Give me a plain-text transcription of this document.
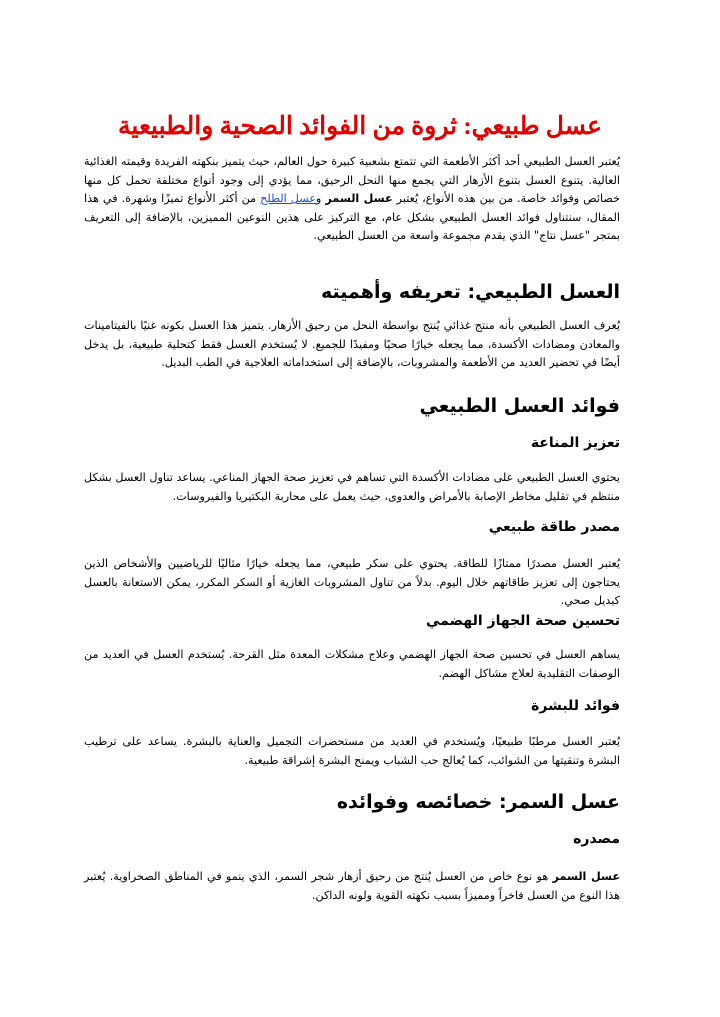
عسل طبيعي: ثروة من الفوائد الصحية والطبيعية

يُعتبر العسل الطبيعي أحد أكثر الأطعمة التي تتمتع بشعبية كبيرة حول العالم، حيث يتميز بنكهته الفريدة وقيمته الغذائية العالية. يتنوع العسل بتنوع الأزهار التي يجمع منها النحل الرحيق، مما يؤدي إلى وجود أنواع مختلفة تحمل كل منها خصائص وفوائد خاصة. من بين هذه الأنواع، يُعتبر عسل السمر وعسل الطلح من أكثر الأنواع تميزًا وشهرة. في هذا المقال، سنتناول فوائد العسل الطبيعي بشكل عام، مع التركيز على هذين النوعين المميزين، بالإضافة إلى التعريف بمتجر "عسل نتاج" الذي يقدم مجموعة واسعة من العسل الطبيعي.

العسل الطبيعي: تعريفه وأهميته

يُعرف العسل الطبيعي بأنه منتج غذائي يُنتج بواسطة النحل من رحيق الأزهار. يتميز هذا العسل بكونه غنيًا بالفيتامينات والمعادن ومضادات الأكسدة، مما يجعله خيارًا صحيًا ومفيدًا للجميع. لا يُستخدم العسل فقط كتحلية طبيعية، بل يدخل أيضًا في تحضير العديد من الأطعمة والمشروبات، بالإضافة إلى استخداماته العلاجية في الطب البديل.

فوائد العسل الطبيعي
تعزيز المناعة

يحتوي العسل الطبيعي على مضادات الأكسدة التي تساهم في تعزيز صحة الجهاز المناعي. يساعد تناول العسل بشكل منتظم في تقليل مخاطر الإصابة بالأمراض والعدوى، حيث يعمل على محاربة البكتيريا والفيروسات.

مصدر طاقة طبيعي

يُعتبر العسل مصدرًا ممتازًا للطاقة. يحتوي على سكر طبيعي، مما يجعله خيارًا مثاليًا للرياضيين والأشخاص الذين يحتاجون إلى تعزيز طاقاتهم خلال اليوم. بدلاً من تناول المشروبات الغازية أو السكر المكرر، يمكن الاستعانة بالعسل كبديل صحي.

تحسين صحة الجهاز الهضمي

يساهم العسل في تحسين صحة الجهاز الهضمي وعلاج مشكلات المعدة مثل القرحة. يُستخدم العسل في العديد من الوصفات التقليدية لعلاج مشاكل الهضم.

فوائد للبشرة

يُعتبر العسل مرطبًا طبيعيًا، ويُستخدم في العديد من مستحضرات التجميل والعناية بالبشرة. يساعد على ترطيب البشرة وتنقيتها من الشوائب، كما يُعالج حب الشباب ويمنح البشرة إشراقة طبيعية.

عسل السمر: خصائصه وفوائده
مصدره

عسل السمر هو نوع خاص من العسل يُنتج من رحيق أزهار شجر السمر، الذي ينمو في المناطق الصحراوية. يُعتبر هذا النوع من العسل فاخراً ومميزاً بسبب نكهته القوية ولونه الداكن.
